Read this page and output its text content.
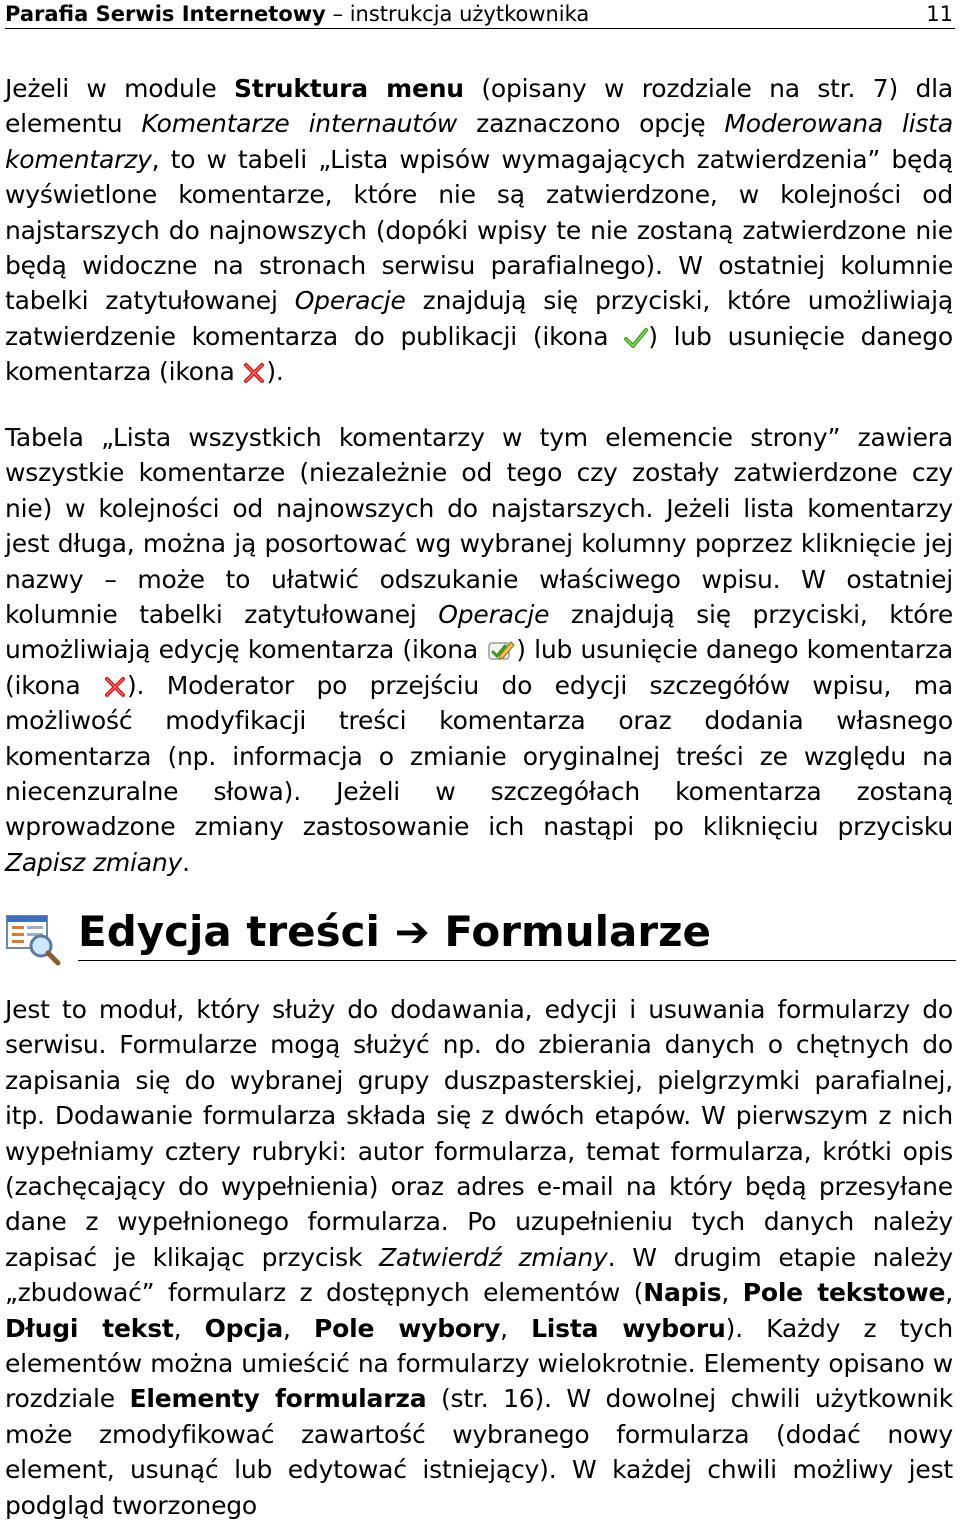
Parafia Serwis Internetowy – instrukcja użytkownika	11
Jeżeli w module Struktura menu (opisany w rozdziale na str. 7) dla elementu Komentarze internautów zaznaczono opcję Moderowana lista komentarzy, to w tabeli „Lista wpisów wymagających zatwierdzenia” będą wyświetlone komentarze, które nie są zatwierdzone, w kolejności od najstarszych do najnowszych (dopóki wpisy te nie zostaną zatwierdzone nie będą widoczne na stronach serwisu parafialnego). W ostatniej kolumnie tabelki zatytułowanej Operacje znajdują się przyciski, które umożliwiają zatwierdzenie komentarza do publikacji (ikona ) lub usunięcie danego komentarza (ikona ).
Tabela „Lista wszystkich komentarzy w tym elemencie strony” zawiera wszystkie komentarze (niezależnie od tego czy zostały zatwierdzone czy nie) w kolejności od najnowszych do najstarszych. Jeżeli lista komentarzy jest długa, można ją posortować wg wybranej kolumny poprzez kliknięcie jej nazwy – może to ułatwić odszukanie właściwego wpisu. W ostatniej kolumnie tabelki zatytułowanej Operacje znajdują się przyciski, które umożliwiają edycję komentarza (ikona ) lub usunięcie danego komentarza (ikona ). Moderator po przejściu do edycji szczegółów wpisu, ma możliwość modyfikacji treści komentarza oraz dodania własnego komentarza (np. informacja o zmianie oryginalnej treści ze względu na niecenzuralne słowa). Jeżeli w szczegółach komentarza zostaną wprowadzone zmiany zastosowanie ich nastąpi po kliknięciu przycisku Zapisz zmiany.
Edycja treści ➔ Formularze
Jest to moduł, który służy do dodawania, edycji i usuwania formularzy do serwisu. Formularze mogą służyć np. do zbierania danych o chętnych do zapisania się do wybranej grupy duszpasterskiej, pielgrzymki parafialnej, itp. Dodawanie formularza składa się z dwóch etapów. W pierwszym z nich wypełniamy cztery rubryki: autor formularza, temat formularza, krótki opis (zachęcający do wypełnienia) oraz adres e-mail na który będą przesyłane dane z wypełnionego formularza. Po uzupełnieniu tych danych należy zapisać je klikając przycisk Zatwierdź zmiany. W drugim etapie należy „zbudować” formularz z dostępnych elementów (Napis, Pole tekstowe, Długi tekst, Opcja, Pole wybory, Lista wyboru). Każdy z tych elementów można umieścić na formularzy wielokrotnie. Elementy opisano w rozdziale Elementy formularza (str. 16). W dowolnej chwili użytkownik może zmodyfikować zawartość wybranego formularza (dodać nowy element, usunąć lub edytować istniejący). W każdej chwili możliwy jest podgląd tworzonego
